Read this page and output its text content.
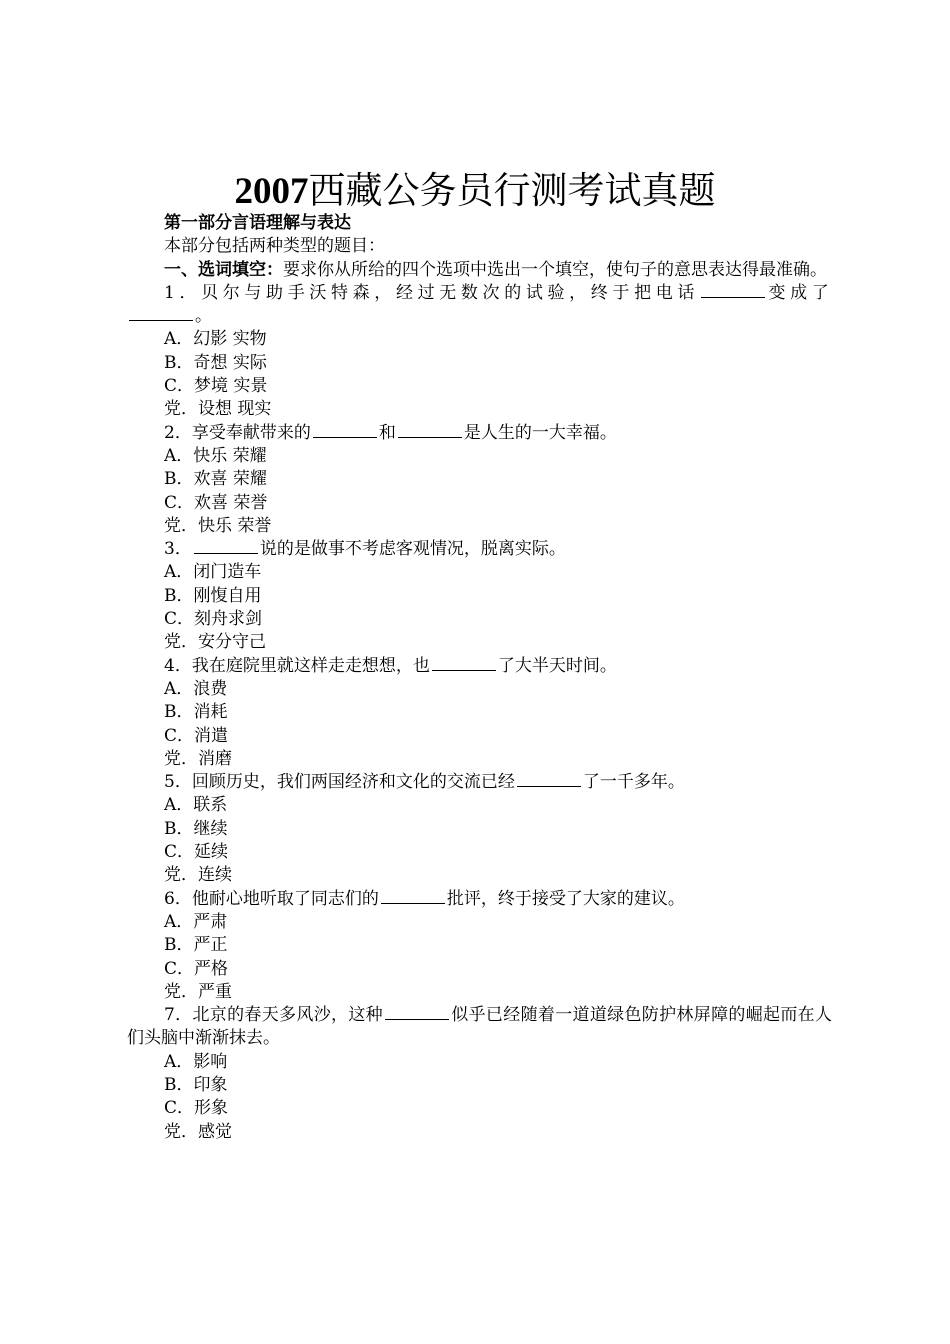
2007西藏公务员行测考试真题
第一部分言语理解与表达
本部分包括两种类型的题目：
一、选词填空：要求你从所给的四个选项中选出一个填空，使句子的意思表达得最准确。
1．贝尔与助手沃特森，经过无数次的试验，终于把电话	变成了。
A．幻影 实物
B．奇想 实际
C．梦境 实景
党．设想 现实
2．享受奉献带来的	和	是人生的一大幸福。
A．快乐 荣耀
B．欢喜 荣耀
C．欢喜 荣誉
党．快乐 荣誉
3．	说的是做事不考虑客观情况，脱离实际。
A．闭门造车
B．刚愎自用
C．刻舟求剑
党．安分守己
4．我在庭院里就这样走走想想，也	了大半天时间。
A．浪费
B．消耗
C．消遣
党．消磨
5．回顾历史，我们两国经济和文化的交流已经	了一千多年。
A．联系
B．继续
C．延续
党．连续
6．他耐心地听取了同志们的	批评，终于接受了大家的建议。
A．严肃
B．严正
C．严格
党．严重
7．北京的春天多风沙，这种	似乎已经随着一道道绿色防护林屏障的崛起而在人们头脑中渐渐抹去。
A．影响
B．印象
C．形象
党．感觉
